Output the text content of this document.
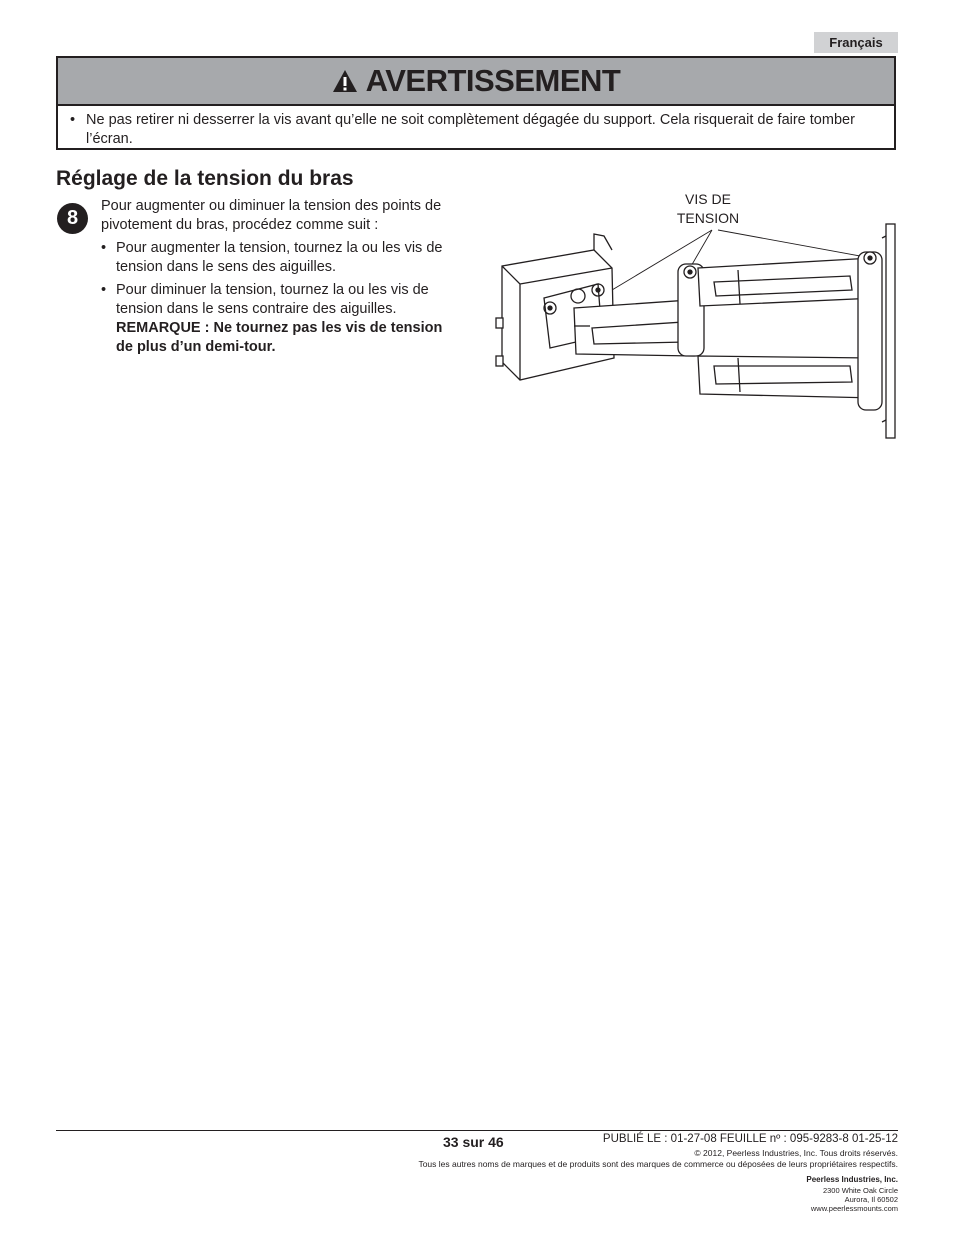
Français
AVERTISSEMENT
• Ne pas retirer ni desserrer la vis avant qu’elle ne soit complètement dégagée du support. Cela risquerait de faire tomber l’écran.
Réglage de la tension du bras
8

Pour augmenter ou diminuer la tension des points de pivotement du bras, procédez comme suit :

• Pour augmenter la tension, tournez la ou les vis de tension dans le sens des aiguilles.
• Pour diminuer la tension, tournez la ou les vis de tension dans le sens contraire des aiguilles.
REMARQUE : Ne tournez pas les vis de tension de plus d’un demi-tour.
VIS DE
TENSION
33 sur 46	PUBLIÉ LE : 01-27-08 FEUILLE nº : 095-9283-8 01-25-12
© 2012, Peerless Industries, Inc. Tous droits réservés.
Tous les autres noms de marques et de produits sont des marques de commerce ou déposées de leurs propriétaires respectifs.
Peerless Industries, Inc.
2300 White Oak Circle
Aurora, Il 60502
www.peerlessmounts.com
